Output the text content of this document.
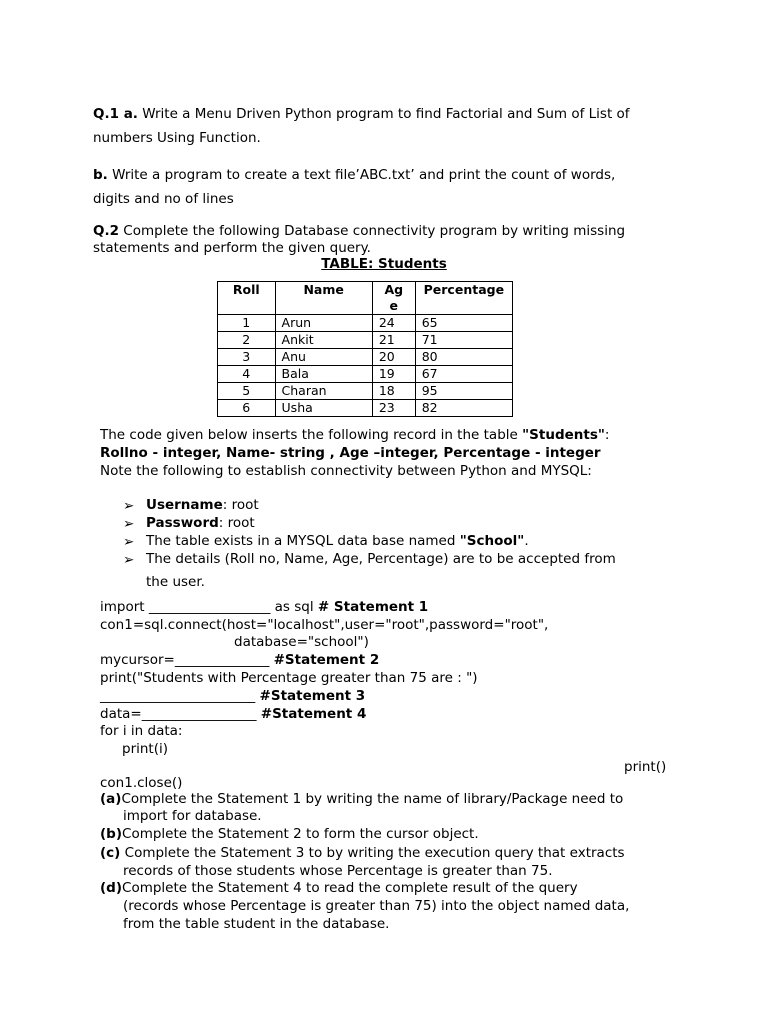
Q.1 a. Write a Menu Driven Python program to find Factorial and Sum of List of
numbers Using Function.
b. Write a program to create a text file’ABC.txt’ and print the count of words,
digits and no of lines
Q.2 Complete the following Database connectivity program by writing missing
statements and perform the given query.
TABLE: Students
Roll	Name	Age	Percentage
1	Arun	24	65
2	Ankit	21	71
3	Anu	20	80
4	Bala	19	67
5	Charan	18	95
6	Usha	23	82
The code given below inserts the following record in the table "Students":
Rollno - integer, Name- string , Age –integer, Percentage - integer
Note the following to establish connectivity between Python and MYSQL:
➢ Username: root
➢ Password: root
➢ The table exists in a MYSQL data base named "School".
➢ The details (Roll no, Name, Age, Percentage) are to be accepted from
the user.
import __________________ as sql # Statement 1
con1=sql.connect(host="localhost",user="root",password="root",
database="school")
mycursor=______________ #Statement 2
print("Students with Percentage greater than 75 are : ")
_______________________ #Statement 3
data=_________________ #Statement 4
for i in data:
print(i)
print()
con1.close()
(a)Complete the Statement 1 by writing the name of library/Package need to
import for database.
(b)Complete the Statement 2 to form the cursor object.
(c) Complete the Statement 3 to by writing the execution query that extracts
records of those students whose Percentage is greater than 75.
(d)Complete the Statement 4 to read the complete result of the query
(records whose Percentage is greater than 75) into the object named data,
from the table student in the database.
